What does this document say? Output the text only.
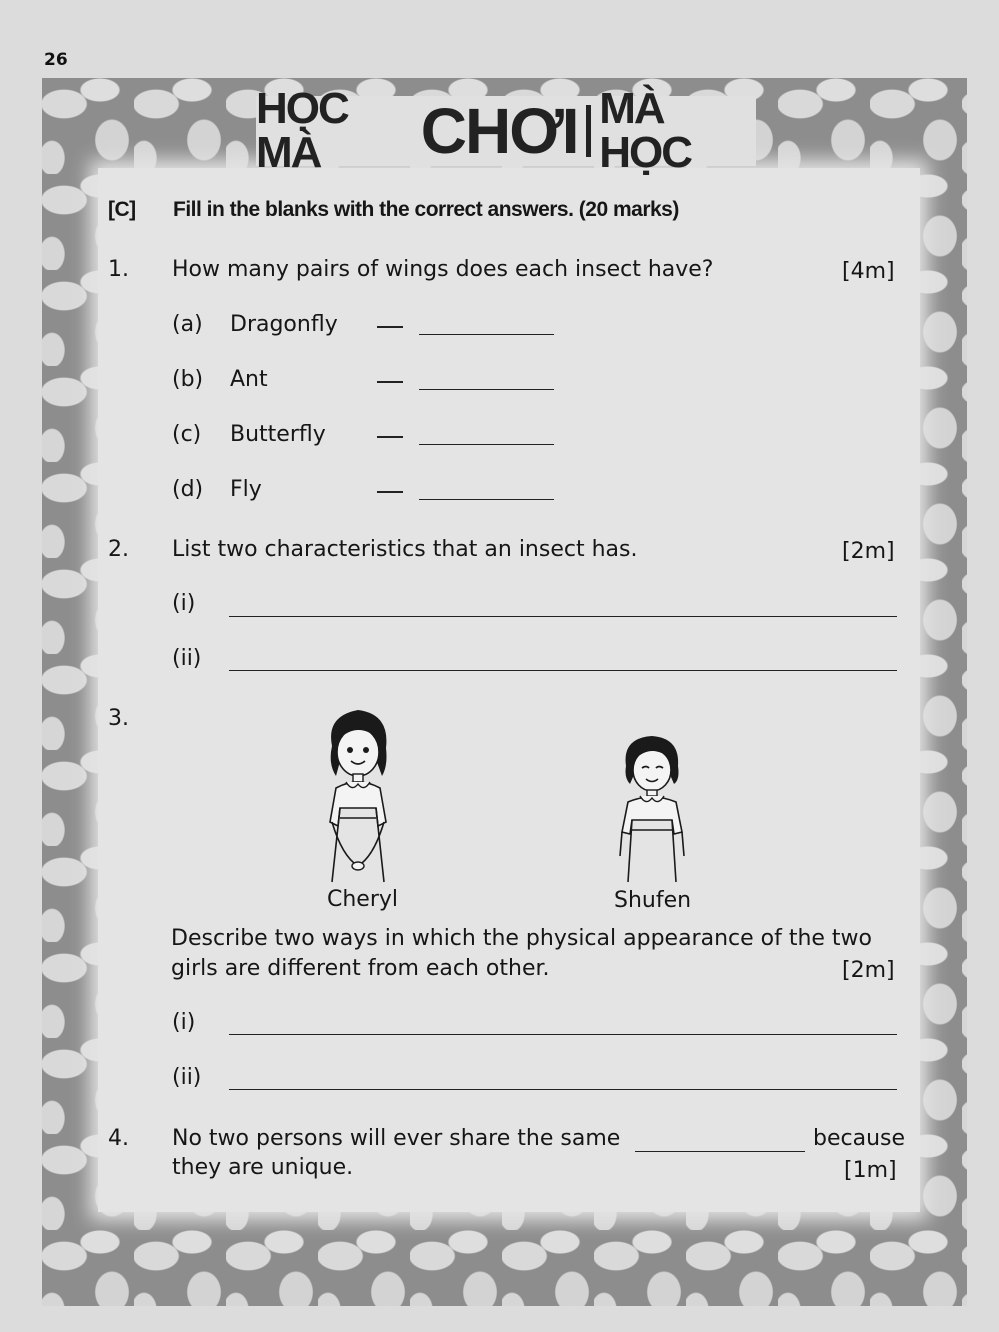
26
HỌC MÀ	CHƠI MÀ HỌC
[C] Fill in the blanks with the correct answers. (20 marks)
1. How many pairs of wings does each insect have?	[4m]
(a) Dragonfly
(b) Ant
(c) Butterfly
(d) Fly
2. List two characteristics that an insect has.	[2m]
(i)
(ii)
3.
Cheryl	Shufen
Describe two ways in which the physical appearance of the two
girls are different from each other.	[2m]
(i)
(ii)
4. No two persons will ever share the same	because
they are unique.	[1m]
